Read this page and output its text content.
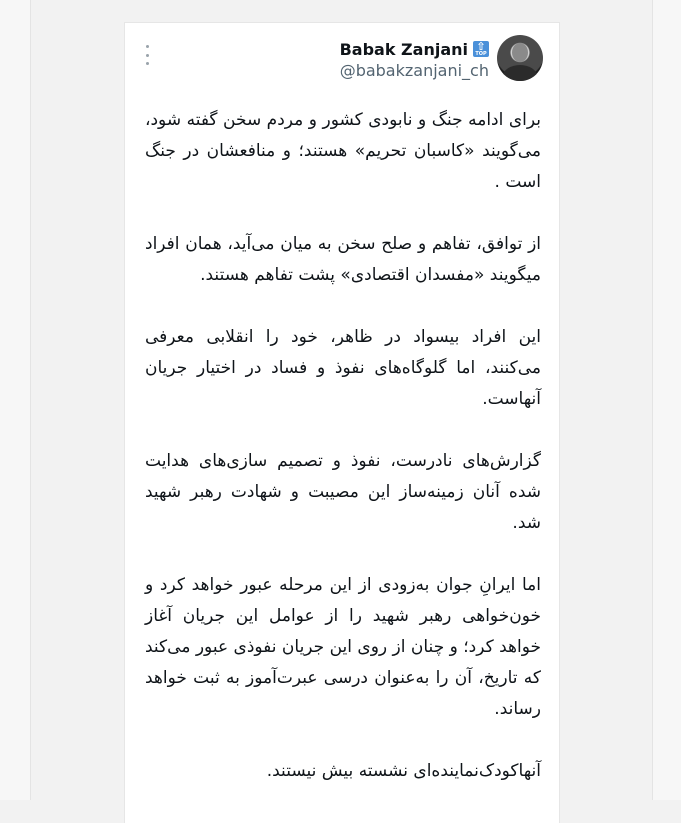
Babak Zanjani ⇧
TOP
@babakzanjani_ch

برای ادامه جنگ و نابودی کشور و مردم سخن گفته شود، می‌گویند «کاسبان تحریم» هستند؛ و منافعشان در جنگ است .

از توافق، تفاهم و صلح سخن به میان می‌آید، همان افراد میگویند «مفسدان اقتصادی» پشت تفاهم هستند.

این افراد بیسواد در ظاهر، خود را انقلابی معرفی می‌کنند، اما گلوگاه‌های نفوذ و فساد در اختیار جریان آنهاست.

گزارش‌های نادرست، نفوذ و تصمیم سازی‌های هدایت شده آنان زمینه‌ساز این مصیبت و شهادت رهبر شهید شد.

اما ایرانِ جوان به‌زودی از این مرحله عبور خواهد کرد و خون‌خواهی رهبر شهید را از عوامل این جریان آغاز خواهد کرد؛ و چنان از روی این جریان نفوذی عبور می‌کند که تاریخ، آن را به‌عنوان درسی عبرت‌آموز به ثبت خواهد رساند.

آنهاکودک‌نماینده‌ای نشسته بیش نیستند.
